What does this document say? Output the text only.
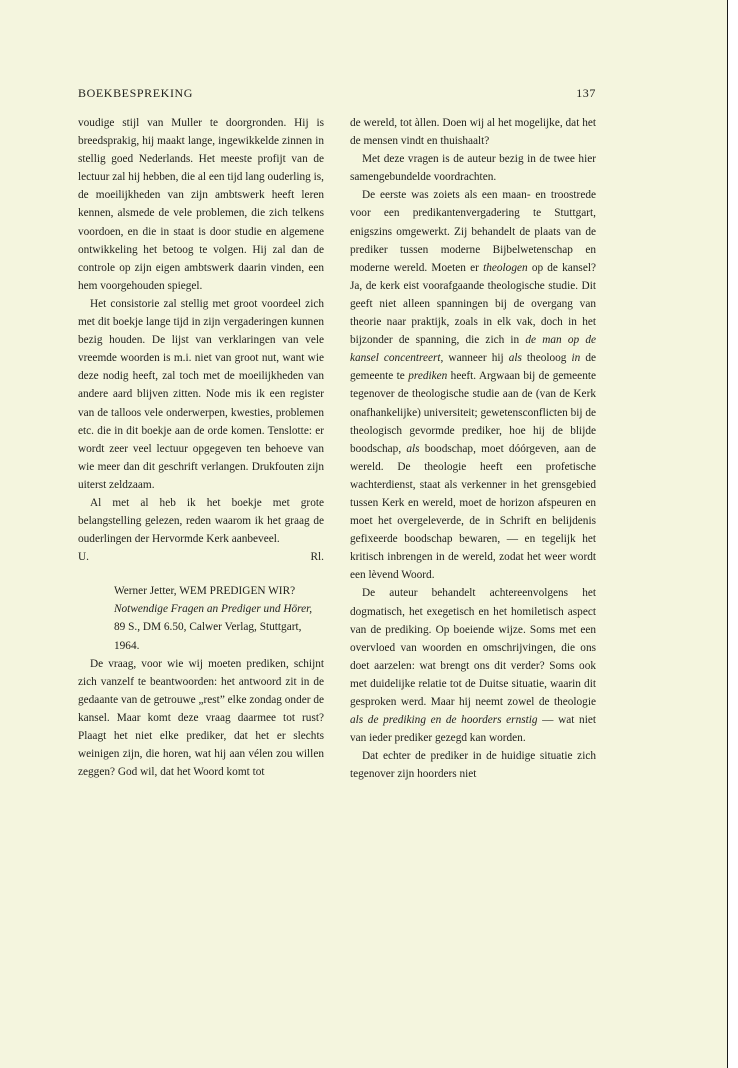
BOEKBESPREKING	137

voudige stijl van Muller te doorgronden. Hij is breedsprakig, hij maakt lange, ingewikkelde zinnen in stellig goed Nederlands. Het meeste profijt van de lectuur zal hij hebben, die al een tijd lang ouderling is, de moeilijkheden van zijn ambtswerk heeft leren kennen, alsmede de vele problemen, die zich telkens voordoen, en die in staat is door studie en algemene ontwikkeling het betoog te volgen. Hij zal dan de controle op zijn eigen ambtswerk daarin vinden, een hem voorgehouden spiegel.

Het consistorie zal stellig met groot voordeel zich met dit boekje lange tijd in zijn vergaderingen kunnen bezig houden. De lijst van verklaringen van vele vreemde woorden is m.i. niet van groot nut, want wie deze nodig heeft, zal toch met de moeilijkheden van andere aard blijven zitten. Node mis ik een register van de talloos vele onderwerpen, kwesties, problemen etc. die in dit boekje aan de orde komen. Tenslotte: er wordt zeer veel lectuur opgegeven ten behoeve van wie meer dan dit geschrift verlangen. Drukfouten zijn uiterst zeldzaam.

Al met al heb ik het boekje met grote belangstelling gelezen, reden waarom ik het graag de ouderlingen der Hervormde Kerk aanbeveel.

U.	Rl.

Werner Jetter, WEM PREDIGEN WIR? Notwendige Fragen an Prediger und Hörer, 89 S., DM 6.50, Calwer Verlag, Stuttgart, 1964.

De vraag, voor wie wij moeten prediken, schijnt zich vanzelf te beantwoorden: het antwoord zit in de gedaante van de getrouwe „rest” elke zondag onder de kansel. Maar komt deze vraag daarmee tot rust? Plaagt het niet elke prediker, dat het er slechts weinigen zijn, die horen, wat hij aan vélen zou willen zeggen? God wil, dat het Woord komt tot

de wereld, tot àllen. Doen wij al het mogelijke, dat het de mensen vindt en thuishaalt?

Met deze vragen is de auteur bezig in de twee hier samengebundelde voordrachten.

De eerste was zoiets als een maan- en troostrede voor een predikantenvergadering te Stuttgart, enigszins omgewerkt. Zij behandelt de plaats van de prediker tussen moderne Bijbelwetenschap en moderne wereld. Moeten er theologen op de kansel? Ja, de kerk eist voorafgaande theologische studie. Dit geeft niet alleen spanningen bij de overgang van theorie naar praktijk, zoals in elk vak, doch in het bijzonder de spanning, die zich in de man op de kansel concentreert, wanneer hij als theoloog in de gemeente te prediken heeft. Argwaan bij de gemeente tegenover de theologische studie aan de (van de Kerk onafhankelijke) universiteit; gewetensconflicten bij de theologisch gevormde prediker, hoe hij de blijde boodschap, als boodschap, moet dóórgeven, aan de wereld. De theologie heeft een profetische wachterdienst, staat als verkenner in het grensgebied tussen Kerk en wereld, moet de horizon afspeuren en moet het overgeleverde, de in Schrift en belijdenis gefixeerde boodschap bewaren, — en tegelijk het kritisch inbrengen in de wereld, zodat het weer wordt een lèvend Woord.

De auteur behandelt achtereenvolgens het dogmatisch, het exegetisch en het homiletisch aspect van de prediking. Op boeiende wijze. Soms met een overvloed van woorden en omschrijvingen, die ons doet aarzelen: wat brengt ons dit verder? Soms ook met duidelijke relatie tot de Duitse situatie, waarin dit gesproken werd. Maar hij neemt zowel de theologie als de prediking en de hoorders ernstig — wat niet van ieder prediker gezegd kan worden.

Dat echter de prediker in de huidige situatie zich tegenover zijn hoorders niet
